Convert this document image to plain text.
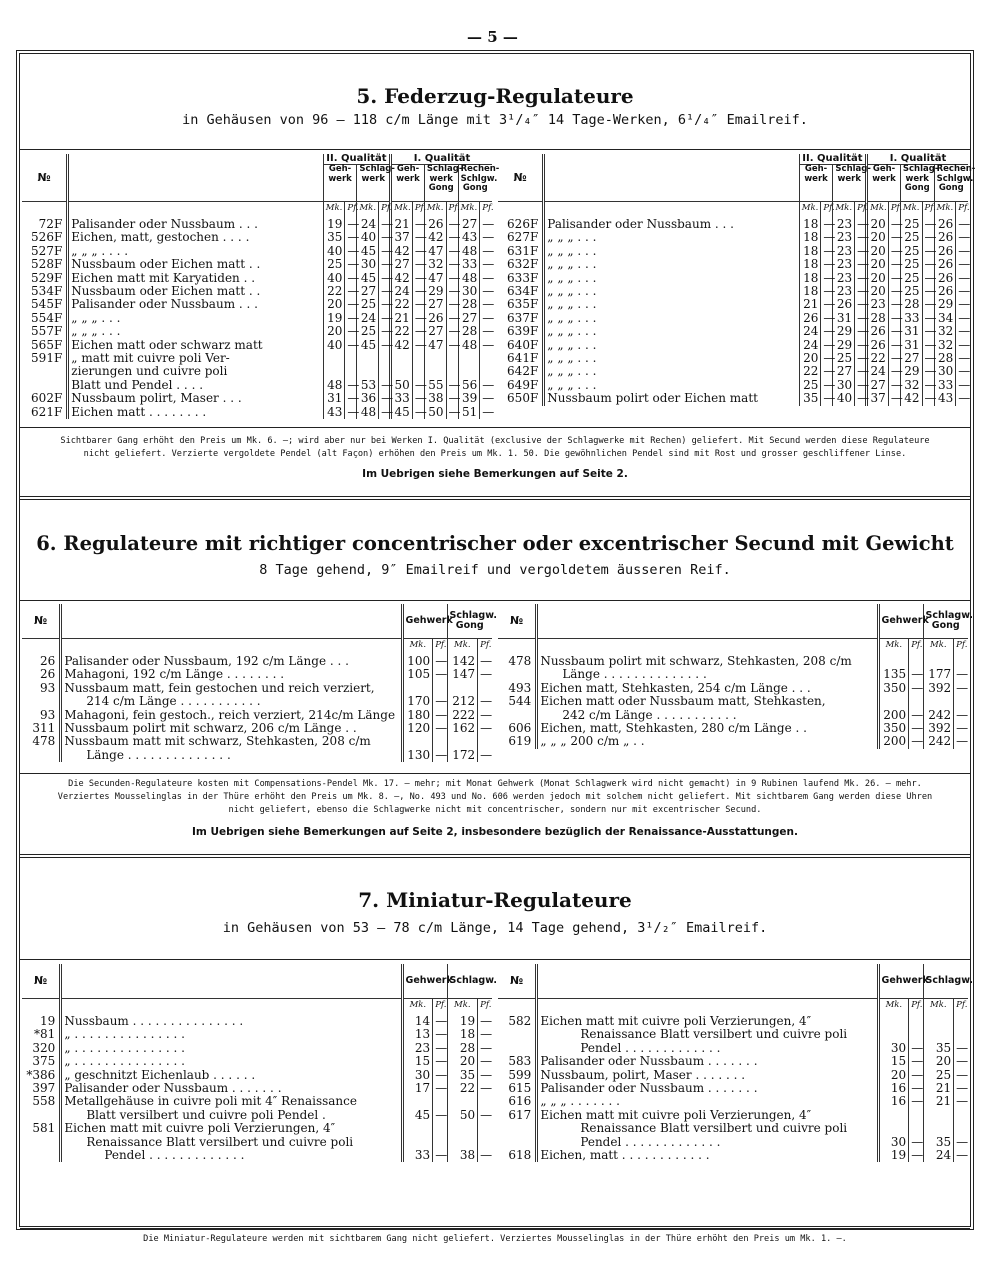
— 5 —
5. Federzug-Regulateure
in Gehäusen von 96 — 118 c/m Länge mit 3¹/₄″ 14 Tage-Werken, 6¹/₄″ Emailreif.
№		II. Qualität				I. Qualität					
		Geh-werk		Schlag-werk		Geh-werk		Schlag-werk Gong		Rechen-Schlgw. Gong	
		Mk.	Pf.	Mk.	Pf.	Mk.	Pf.	Mk.	Pf.	Mk.	Pf.
72F	Palisander oder Nussbaum . . .	19	—	24	—	21	—	26	—	27	—
526F	Eichen, matt, gestochen . . . .	35	—	40	—	37	—	42	—	43	—
527F	„ „ „ . . . .	40	—	45	—	42	—	47	—	48	—
528F	Nussbaum oder Eichen matt . .	25	—	30	—	27	—	32	—	33	—
529F	Eichen matt mit Karyatiden . .	40	—	45	—	42	—	47	—	48	—
534F	Nussbaum oder Eichen matt . .	22	—	27	—	24	—	29	—	30	—
545F	Palisander oder Nussbaum . . .	20	—	25	—	22	—	27	—	28	—
554F	„ „ „ . . .	19	—	24	—	21	—	26	—	27	—
557F	„ „ „ . . .	20	—	25	—	22	—	27	—	28	—
565F	Eichen matt oder schwarz matt	40	—	45	—	42	—	47	—	48	—
591F	„ matt mit cuivre poli Ver-										
	zierungen und cuivre poli										
	Blatt und Pendel . . . .	48	—	53	—	50	—	55	—	56	—
602F	Nussbaum polirt, Maser . . .	31	—	36	—	33	—	38	—	39	—
621F	Eichen matt . . . . . . . .	43	—	48	—	45	—	50	—	51	—
№		II. Qualität				I. Qualität					
		Geh-werk		Schlag-werk		Geh-werk		Schlag-werk Gong		Rechen-Schlgw. Gong	
		Mk.	Pf.	Mk.	Pf.	Mk.	Pf.	Mk.	Pf.	Mk.	Pf.
626F	Palisander oder Nussbaum . . .	18	—	23	—	20	—	25	—	26	—
627F	„ „ „ . . .	18	—	23	—	20	—	25	—	26	—
631F	„ „ „ . . .	18	—	23	—	20	—	25	—	26	—
632F	„ „ „ . . .	18	—	23	—	20	—	25	—	26	—
633F	„ „ „ . . .	18	—	23	—	20	—	25	—	26	—
634F	„ „ „ . . .	18	—	23	—	20	—	25	—	26	—
635F	„ „ „ . . .	21	—	26	—	23	—	28	—	29	—
637F	„ „ „ . . .	26	—	31	—	28	—	33	—	34	—
639F	„ „ „ . . .	24	—	29	—	26	—	31	—	32	—
640F	„ „ „ . . .	24	—	29	—	26	—	31	—	32	—
641F	„ „ „ . . .	20	—	25	—	22	—	27	—	28	—
642F	„ „ „ . . .	22	—	27	—	24	—	29	—	30	—
649F	„ „ „ . . .	25	—	30	—	27	—	32	—	33	—
650F	Nussbaum polirt oder Eichen matt	35	—	40	—	37	—	42	—	43	—
Sichtbarer Gang erhöht den Preis um Mk. 6. —; wird aber nur bei Werken I. Qualität (exclusive der Schlagwerke mit Rechen) geliefert. Mit Secund werden diese Regulateure
nicht geliefert. Verzierte vergoldete Pendel (alt Façon) erhöhen den Preis um Mk. 1. 50. Die gewöhnlichen Pendel sind mit Rost und grosser geschliffener Linse.
Im Uebrigen siehe Bemerkungen auf Seite 2.
6. Regulateure mit richtiger concentrischer oder excentrischer Secund mit Gewicht
8 Tage gehend, 9″ Emailreif und vergoldetem äusseren Reif.
№		Gehwerk		Schlagw. Gong	
		Mk.	Pf.	Mk.	Pf.
26	Palisander oder Nussbaum, 192 c/m Länge . . .	100	—	142	—
26	Mahagoni, 192 c/m Länge . . . . . . . .	105	—	147	—
93	Nussbaum matt, fein gestochen und reich verziert,				
	214 c/m Länge . . . . . . . . . . .	170	—	212	—
93	Mahagoni, fein gestoch., reich verziert, 214c/m Länge	180	—	222	—
311	Nussbaum polirt mit schwarz, 206 c/m Länge . .	120	—	162	—
478	Nussbaum matt mit schwarz, Stehkasten, 208 c/m				
	Länge . . . . . . . . . . . . . .	130	—	172	—
№		Gehwerk		Schlagw. Gong	
		Mk.	Pf.	Mk.	Pf.
478	Nussbaum polirt mit schwarz, Stehkasten, 208 c/m				
	Länge . . . . . . . . . . . . . .	135	—	177	—
493	Eichen matt, Stehkasten, 254 c/m Länge . . .	350	—	392	—
544	Eichen matt oder Nussbaum matt, Stehkasten,				
	242 c/m Länge . . . . . . . . . . .	200	—	242	—
606	Eichen, matt, Stehkasten, 280 c/m Länge . .	350	—	392	—
619	„ „ „ 200 c/m „ . .	200	—	242	—
Die Secunden-Regulateure kosten mit Compensations-Pendel Mk. 17. — mehr; mit Monat Gehwerk (Monat Schlagwerk wird nicht gemacht) in 9 Rubinen laufend Mk. 26. — mehr.
Verziertes Mousselinglas in der Thüre erhöht den Preis um Mk. 8. —, No. 493 und No. 606 werden jedoch mit solchem nicht geliefert. Mit sichtbarem Gang werden diese Uhren
nicht geliefert, ebenso die Schlagwerke nicht mit concentrischer, sondern nur mit excentrischer Secund.
Im Uebrigen siehe Bemerkungen auf Seite 2, insbesondere bezüglich der Renaissance-Ausstattungen.
7. Miniatur-Regulateure
in Gehäusen von 53 — 78 c/m Länge, 14 Tage gehend, 3¹/₂″ Emailreif.
№		Gehwerk		Schlagw.	
		Mk.	Pf.	Mk.	Pf.
19	Nussbaum . . . . . . . . . . . . . . .	14	—	19	—
*81	„ . . . . . . . . . . . . . . .	13	—	18	—
320	„ . . . . . . . . . . . . . . .	23	—	28	—
375	„ . . . . . . . . . . . . . . .	15	—	20	—
*386	„ geschnitzt Eichenlaub . . . . . .	30	—	35	—
397	Palisander oder Nussbaum . . . . . . .	17	—	22	—
558	Metallgehäuse in cuivre poli mit 4″ Renaissance				
	Blatt versilbert und cuivre poli Pendel .	45	—	50	—
581	Eichen matt mit cuivre poli Verzierungen, 4″				
	Renaissance Blatt versilbert und cuivre poli				
	Pendel . . . . . . . . . . . . .	33	—	38	—
№		Gehwerk		Schlagw.	
		Mk.	Pf.	Mk.	Pf.
582	Eichen matt mit cuivre poli Verzierungen, 4″				
	Renaissance Blatt versilbert und cuivre poli				
	Pendel . . . . . . . . . . . . .	30	—	35	—
583	Palisander oder Nussbaum . . . . . . .	15	—	20	—
599	Nussbaum, polirt, Maser . . . . . . .	20	—	25	—
615	Palisander oder Nussbaum . . . . . . .	16	—	21	—
616	„ „ „ . . . . . . .	16	—	21	—
617	Eichen matt mit cuivre poli Verzierungen, 4″				
	Renaissance Blatt versilbert und cuivre poli				
	Pendel . . . . . . . . . . . . .	30	—	35	—
618	Eichen, matt . . . . . . . . . . . .	19	—	24	—
Die Miniatur-Regulateure werden mit sichtbarem Gang nicht geliefert. Verziertes Mousselinglas in der Thüre erhöht den Preis um Mk. 1. —.
